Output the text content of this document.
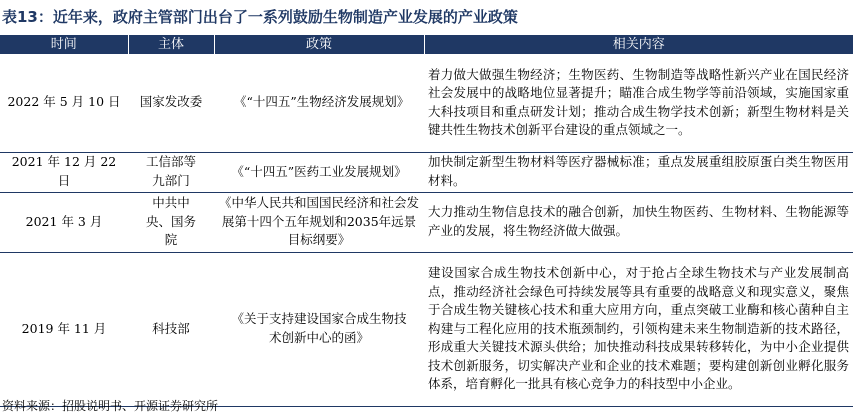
表13：近年来，政府主管部门出台了一系列鼓励生物制造产业发展的产业政策
时间	主体	政策	相关内容
2022 年 5 月 10 日	国家发改委	《“十四五”生物经济发展规划》	着力做大做强生物经济；生物医药、生物制造等战略性新兴产业在国民经济社会发展中的战略地位显著提升；瞄准合成生物学等前沿领域，实施国家重大科技项目和重点研发计划；推动合成生物学技术创新；新型生物材料是关键共性生物技术创新平台建设的重点领域之一。
2021 年 12 月 22 日	工信部等九部门	《“十四五”医药工业发展规划》	加快制定新型生物材料等医疗器械标准；重点发展重组胶原蛋白类生物医用材料。
2021 年 3 月	中共中央、国务院	《中华人民共和国国民经济和社会发展第十四个五年规划和2035年远景目标纲要》	大力推动生物信息技术的融合创新，加快生物医药、生物材料、生物能源等产业的发展，将生物经济做大做强。
2019 年 11 月	科技部	《关于支持建设国家合成生物技术创新中心的函》	建设国家合成生物技术创新中心，对于抢占全球生物技术与产业发展制高点，推动经济社会绿色可持续发展等具有重要的战略意义和现实意义，聚焦于合成生物关键核心技术和重大应用方向，重点突破工业酶和核心菌种自主构建与工程化应用的技术瓶颈制约，引领构建未来生物制造新的技术路径，形成重大关键技术源头供给；加快推动科技成果转移转化，为中小企业提供技术创新服务，切实解决产业和企业的技术难题；要构建创新创业孵化服务体系，培育孵化一批具有核心竞争力的科技型中小企业。
资料来源：招股说明书、开源证券研究所
